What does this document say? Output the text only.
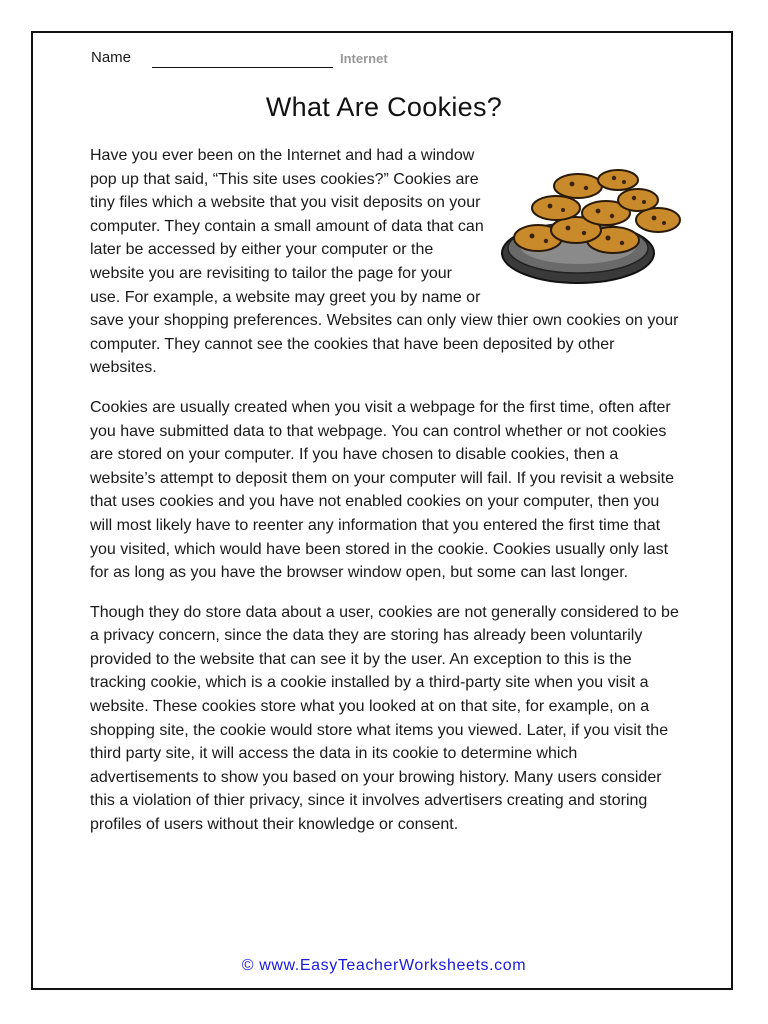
Name	Internet
What Are Cookies?

Have you ever been on the Internet and had a window pop up that said, “This site uses cookies?” Cookies are tiny files which a website that you visit deposits on your computer. They contain a small amount of data that can later be accessed by either your computer or the website you are revisiting to tailor the page for your use. For example, a website may greet you by name or save your shopping preferences. Websites can only view thier own cookies on your computer. They cannot see the cookies that have been deposited by other websites.

Cookies are usually created when you visit a webpage for the first time, often after you have submitted data to that webpage. You can control whether or not cookies are stored on your computer. If you have chosen to disable cookies, then a website’s attempt to deposit them on your computer will fail. If you revisit a website that uses cookies and you have not enabled cookies on your computer, then you will most likely have to reenter any information that you entered the first time that you visited, which would have been stored in the cookie. Cookies usually only last for as long as you have the browser window open, but some can last longer.

Though they do store data about a user, cookies are not generally considered to be a privacy concern, since the data they are storing has already been voluntarily provided to the website that can see it by the user. An exception to this is the tracking cookie, which is a cookie installed by a third-party site when you visit a website. These cookies store what you looked at on that site, for example, on a shopping site, the cookie would store what items you viewed. Later, if you visit the third party site, it will access the data in its cookie to determine which advertisements to show you based on your browing history. Many users consider this a violation of thier privacy, since it involves advertisers creating and storing profiles of users without their knowledge or consent.

© www.EasyTeacherWorksheets.com
